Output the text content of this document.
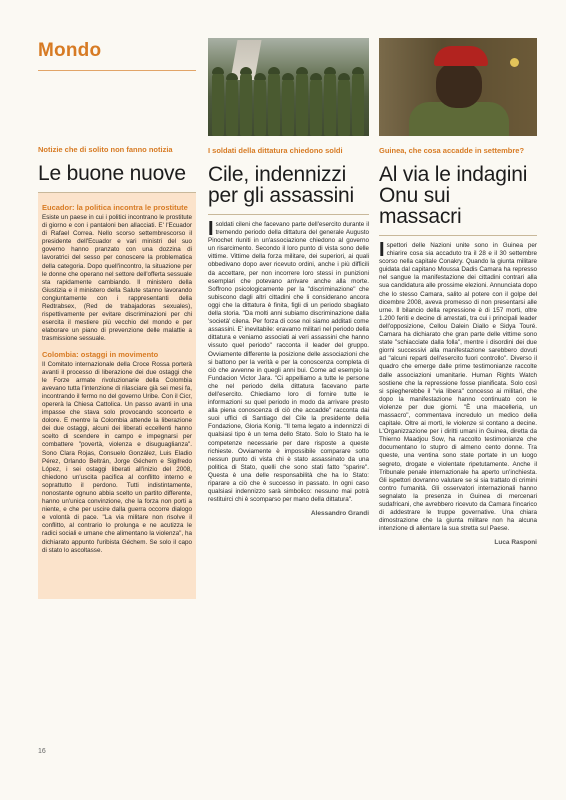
Mondo
Notizie che di solito non fanno notizia
Le buone nuove
Eucador: la politica incontra le prostitute
Esiste un paese in cui i politici incontrano le prostitute di giorno e con i pantaloni ben allacciati. E' l'Ecuador di Rafael Correa. Nello scorso settembrescorso il presidente dell'Ecuador e vari ministri del suo governo hanno pranzato con una dozzina di lavoratrici del sesso per conoscere la problematica della categoria. Dopo quell'incontro, la situazione per le donne che operano nel settore dell'offerta sessuale sta rapidamente cambiando. Il ministero della Giustizia e il ministero della Salute stanno lavorando congiuntamente con i rappresentanti della Redtrabsex, (Red de trabajadoras sexuales), rispettivamente per evitare discriminazioni per chi esercita il mestiere più vecchio del mondo e per elaborare un piano di prevenzione delle malattie a trasmissione sessuale.
Colombia: ostaggi in movimento
Il Comitato internazionale della Croce Rossa porterà avanti il processo di liberazione dei due ostaggi che le Forze armate rivoluzionarie della Colombia avevano tutta l'intenzione di rilasciare già sei mesi fa, incontrando il fermo no del governo Uribe. Con il Cicr, opererà la Chiesa Cattolica. Un passo avanti in una impasse che stava solo provocando sconcerto e dolore. E mentre la Colombia attende la liberazione dei due ostaggi, alcuni dei liberati eccellenti hanno scelto di scendere in campo e impegnarsi per combattere "povertà, violenza e disuguaglianza". Sono Clara Rojas, Consuelo González, Luis Eladio Pérez, Orlando Beltrán, Jorge Géchem e Sigifredo López, i sei ostaggi liberati all'inizio del 2008, chiedono un'uscita pacifica al conflitto interno e soprattutto il perdono. Tutti indistintamente, nonostante ognuno abbia scelto un partito differente, hanno un'unica convinzione, che la forza non porti a niente, e che per uscire dalla guerra occorre dialogo e volontà di pace. "La via militare non risolve il conflitto, al contrario lo prolunga e ne acutizza le radici sociali e umane che alimentano la violenza", ha dichiarato appunto l'uribista Géchem. Se solo il capo di stato lo ascoltasse.
I soldati della dittatura chiedono soldi
Cile, indennizzi per gli assassini
Isoldati cileni che facevano parte dell'esercito durante il tremendo periodo della dittatura del generale Augusto Pinochet riuniti in un'associazione chiedono al governo un risarcimento. Secondo il loro punto di vista sono delle vittime. Vittime della forza militare, dei superiori, ai quali obbedivano dopo aver ricevuto ordini, anche i più difficili da accettare, per non incorrere loro stessi in punizioni esemplari che potevano arrivare anche alla morte. Soffrono psicologicamente per la "discriminazione" che subiscono dagli altri cittadini che li considerano ancora oggi che la dittatura è finita, figli di un periodo sbagliato della storia. "Da molti anni subiamo discriminazione dalla 'società' cilena. Per forza di cose noi siamo additati come assassini. E' inevitabile: eravamo militari nel periodo della dittatura e veniamo associati ai veri assassini che hanno vissuto quel periodo" racconta il leader del gruppo. Ovviamente differente la posizione delle associazioni che si battono per la verità e per la conoscenza completa di ciò che avvenne in quegli anni bui. Come ad esempio la Fundacion Victor Jara. "Ci appelliamo a tutte le persone che nel periodo della dittatura facevano parte dell'esercito. Chiediamo loro di fornire tutte le informazioni su quel periodo in modo da arrivare presto alla piena conoscenza di ciò che accadde" racconta dai suoi uffici di Santiago del Cile la presidente della Fondazione, Gloria Konig. "Il tema legato a indennizzi di qualsiasi tipo è un tema dello Stato. Solo lo Stato ha le competenze necessarie per dare risposte a queste richieste. Ovviamente è impossibile comparare sotto nessun punto di vista chi è stato assassinato da una politica di Stato, quelli che sono stati fatto "sparire". Questa è una delle responsabilità che ha lo Stato: riparare a ciò che è successo in passato. In ogni caso qualsiasi indennizzo sarà simbolico: nessuno mai potrà restituirci chi è scomparso per mano della dittatura".
Alessandro Grandi
Guinea, che cosa accadde in settembre?
Al via le indagini Onu sui massacri
Ispettori delle Nazioni unite sono in Guinea per chiarire cosa sia accaduto tra il 28 e il 30 settembre scorso nella capitale Conakry. Quando la giunta militare guidata dal capitano Moussa Dadis Camara ha represso nel sangue la manifestazione dei cittadini contrari alla sua candidatura alle prossime elezioni. Annunciata dopo che lo stesso Camara, salito al potere con il golpe del dicembre 2008, aveva promesso di non presentarsi alle urne. Il bilancio della repressione è di 157 morti, oltre 1.200 feriti e decine di arrestati, tra cui i principali leader dell'opposizione, Cellou Dalein Diallo e Sidya Touré. Camara ha dichiarato che gran parte delle vittime sono state "schiacciate dalla folla", mentre i disordini dei due giorni successivi alla manifestazione sarebbero dovuti ad "alcuni reparti dell'esercito fuori controllo". Diverso il quadro che emerge dalle prime testimonianze raccolte dalle associazioni umanitarie. Human Rights Watch sostiene che la repressione fosse pianificata. Solo così si spiegherebbe il "via libera" concesso ai militari, che dopo la manifestazione hanno continuato con le violenze per due giorni. "È una macelleria, un massacro", commentava incredulo un medico della capitale. Oltre ai morti, le violenze si contano a decine. L'Organizzazione per i diritti umani in Guinea, diretta da Thierno Maadjou Sow, ha raccolto testimonianze che documentano lo stupro di almeno cento donne. Tra queste, una ventina sono state portate in un luogo segreto, drogate e violentate ripetutamente. Anche il Tribunale penale internazionale ha aperto un'inchiesta. Gli ispettori dovranno valutare se si sia trattato di crimini contro l'umanità. Gli osservatori internazionali hanno segnalato la presenza in Guinea di mercenari sudafricani, che avrebbero ricevuto da Camara l'incarico di addestrare le truppe governative. Una chiara dimostrazione che la giunta militare non ha alcuna intenzione di allentare la sua stretta sul Paese.
Luca Rasponi
16
